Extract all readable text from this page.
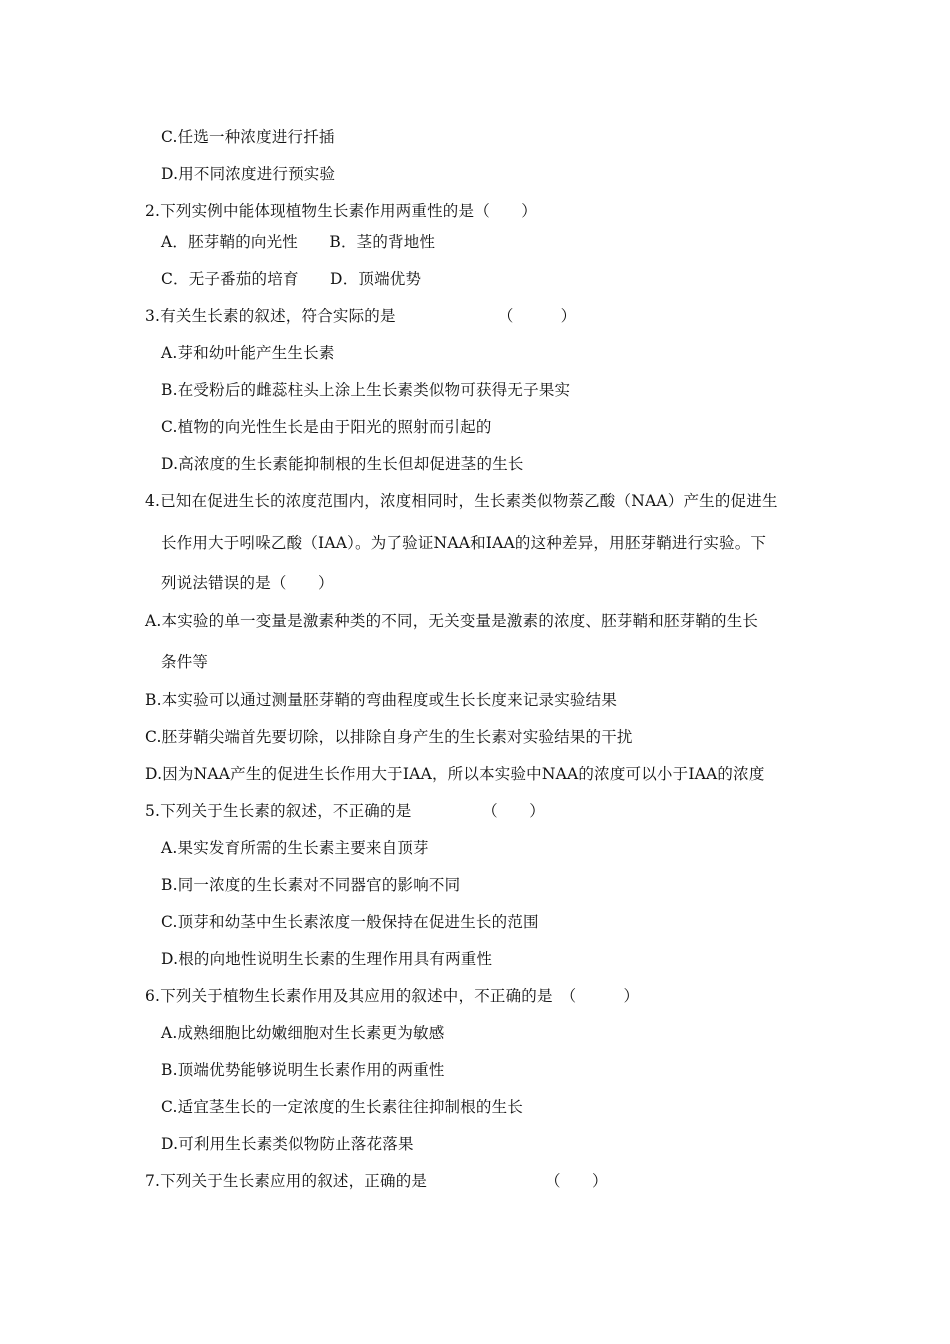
C.任选一种浓度进行扦插
D.用不同浓度进行预实验
2.下列实例中能体现植物生长素作用两重性的是（　　）
A．胚芽鞘的向光性　　B．茎的背地性
C．无子番茄的培育　　D．顶端优势
3.有关生长素的叙述，符合实际的是　　　　　　　（　　　）
A.芽和幼叶能产生生长素
B.在受粉后的雌蕊柱头上涂上生长素类似物可获得无子果实
C.植物的向光性生长是由于阳光的照射而引起的
D.高浓度的生长素能抑制根的生长但却促进茎的生长
4.已知在促进生长的浓度范围内，浓度相同时，生长素类似物萘乙酸（NAA）产生的促进生
长作用大于吲哚乙酸（IAA）。为了验证NAA和IAA的这种差异，用胚芽鞘进行实验。下
列说法错误的是（　　）
A.本实验的单一变量是激素种类的不同，无关变量是激素的浓度、胚芽鞘和胚芽鞘的生长
条件等
B.本实验可以通过测量胚芽鞘的弯曲程度或生长长度来记录实验结果
C.胚芽鞘尖端首先要切除，以排除自身产生的生长素对实验结果的干扰
D.因为NAA产生的促进生长作用大于IAA，所以本实验中NAA的浓度可以小于IAA的浓度
5.下列关于生长素的叙述，不正确的是　　　　　（　　）
A.果实发育所需的生长素主要来自顶芽
B.同一浓度的生长素对不同器官的影响不同
C.顶芽和幼茎中生长素浓度一般保持在促进生长的范围
D.根的向地性说明生长素的生理作用具有两重性
6.下列关于植物生长素作用及其应用的叙述中，不正确的是　（　　　）
A.成熟细胞比幼嫩细胞对生长素更为敏感
B.顶端优势能够说明生长素作用的两重性
C.适宜茎生长的一定浓度的生长素往往抑制根的生长
D.可利用生长素类似物防止落花落果
7.下列关于生长素应用的叙述，正确的是　　　　　　　　（　　）
